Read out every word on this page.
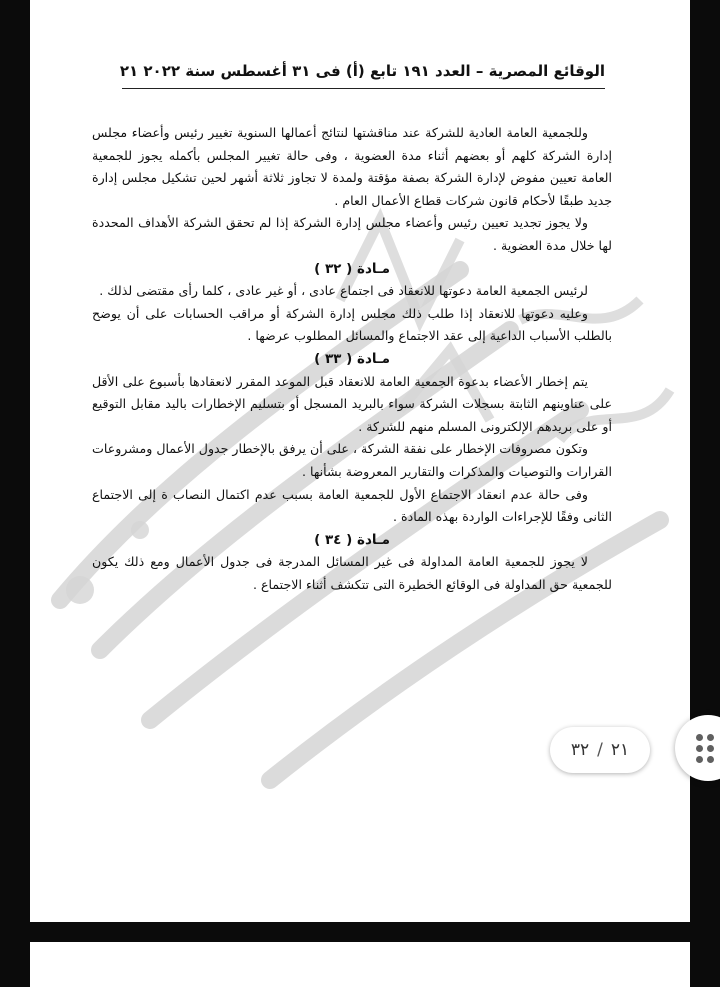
الوقائع المصرية – العدد ١٩١ تابع (أ) فى ٣١ أغسطس سنة ٢٠٢٢ ٢١

وللجمعية العامة العادية للشركة عند مناقشتها لنتائج أعمالها السنوية تغيير رئيس وأعضاء مجلس إدارة الشركة كلهم أو بعضهم أثناء مدة العضوية ، وفى حالة تغيير المجلس بأكمله يجوز للجمعية العامة تعيين مفوض لإدارة الشركة بصفة مؤقتة ولمدة لا تجاوز ثلاثة أشهر لحين تشكيل مجلس إدارة جديد طبقًا لأحكام قانون شركات قطاع الأعمال العام .

ولا يجوز تجديد تعيين رئيس وأعضاء مجلس إدارة الشركة إذا لم تحقق الشركة الأهداف المحددة لها خلال مدة العضوية .

مـادة ( ٣٢ )

لرئيس الجمعية العامة دعوتها للانعقاد فى اجتماع عادى ، أو غير عادى ، كلما رأى مقتضى لذلك .

وعليه دعوتها للانعقاد إذا طلب ذلك مجلس إدارة الشركة أو مراقب الحسابات على أن يوضح بالطلب الأسباب الداعية إلى عقد الاجتماع والمسائل المطلوب عرضها .

مـادة ( ٣٣ )

يتم إخطار الأعضاء بدعوة الجمعية العامة للانعقاد قبل الموعد المقرر لانعقادها بأسبوع على الأقل على عناوينهم الثابتة بسجلات الشركة سواء بالبريد المسجل أو بتسليم الإخطارات باليد مقابل التوقيع أو على بريدهم الإلكترونى المسلم منهم للشركة .

وتكون مصروفات الإخطار على نفقة الشركة ، على أن يرفق بالإخطار جدول الأعمال ومشروعات القرارات والتوصيات والمذكرات والتقارير المعروضة بشأنها .

وفى حالة عدم انعقاد الاجتماع الأول للجمعية العامة بسبب عدم اكتمال النصاب ة إلى الاجتماع الثانى وفقًا للإجراءات الواردة بهذه المادة .

مـادة ( ٣٤ )

لا يجوز للجمعية العامة المداولة فى غير المسائل المدرجة فى جدول الأعمال ومع ذلك يكون للجمعية حق المداولة فى الوقائع الخطيرة التى تتكشف أثناء الاجتماع .

٢١
/
٣٢
